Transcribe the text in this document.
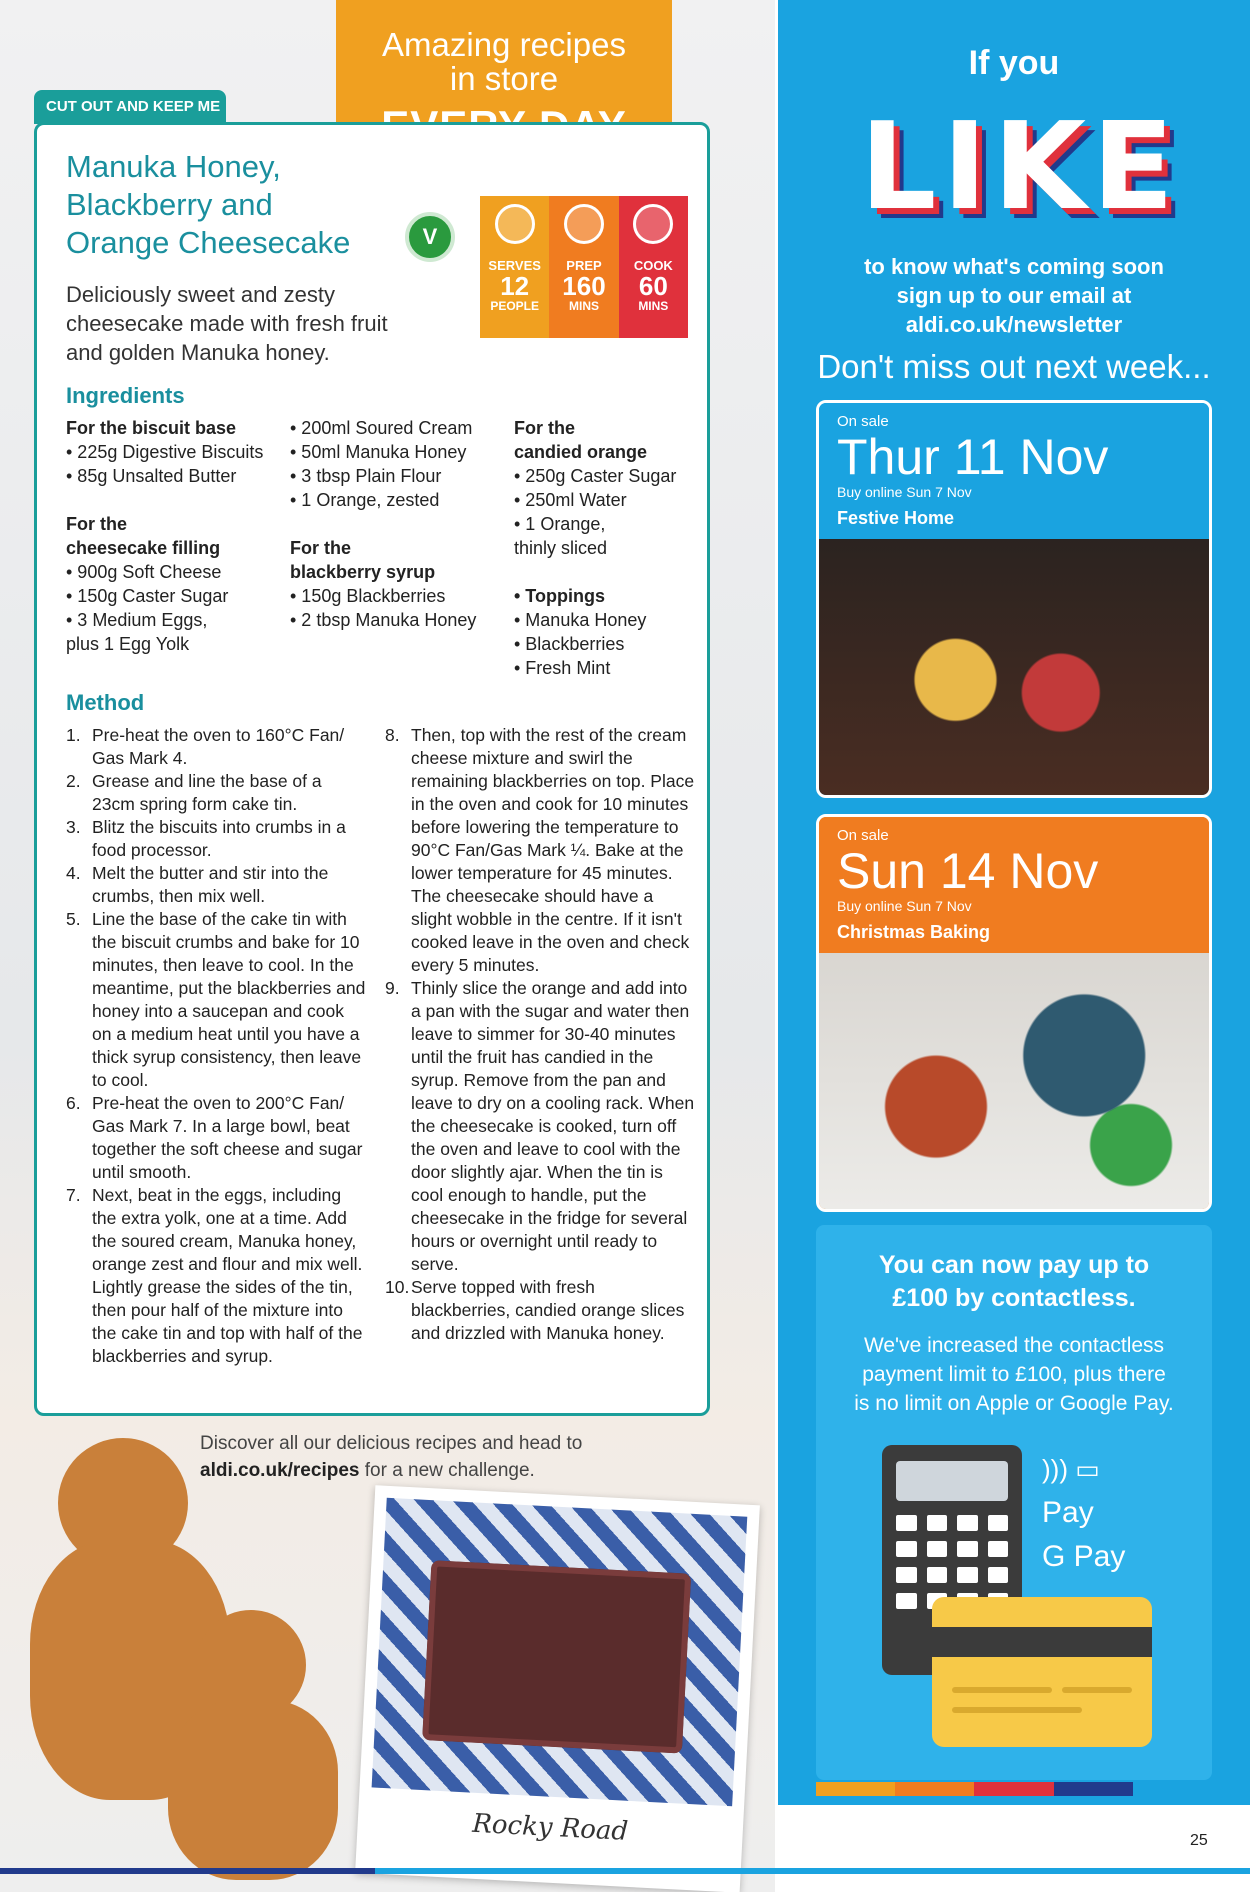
Amazing recipes
in store
CUT OUT AND KEEP ME
Manuka Honey,
Blackberry and
Orange Cheesecake	V
SERVES
12
PEOPLE
PREP
160
MINS
COOK
60
MINS
Deliciously sweet and zesty cheesecake made with fresh fruit and golden Manuka honey.
Ingredients
For the biscuit base
• 225g Digestive Biscuits
• 85g Unsalted Butter
For the
cheesecake filling
• 900g Soft Cheese
• 150g Caster Sugar
• 3 Medium Eggs,
plus 1 Egg Yolk
• 200ml Soured Cream
• 50ml Manuka Honey
• 3 tbsp Plain Flour
• 1 Orange, zested
For the
blackberry syrup
• 150g Blackberries
• 2 tbsp Manuka Honey
For the
candied orange
• 250g Caster Sugar
• 250ml Water
• 1 Orange,
thinly sliced
• Toppings
• Manuka Honey
• Blackberries
• Fresh Mint
Method
1. Pre-heat the oven to 160°C Fan/ Gas Mark 4.
2. Grease and line the base of a 23cm spring form cake tin.
3. Blitz the biscuits into crumbs in a food processor.
4. Melt the butter and stir into the crumbs, then mix well.
5. Line the base of the cake tin with the biscuit crumbs and bake for 10 minutes, then leave to cool. In the meantime, put the blackberries and honey into a saucepan and cook on a medium heat until you have a thick syrup consistency, then leave to cool.
6. Pre-heat the oven to 200°C Fan/ Gas Mark 7. In a large bowl, beat together the soft cheese and sugar until smooth.
7. Next, beat in the eggs, including the extra yolk, one at a time. Add the soured cream, Manuka honey, orange zest and flour and mix well. Lightly grease the sides of the tin, then pour half of the mixture into the cake tin and top with half of the blackberries and syrup.
8. Then, top with the rest of the cream cheese mixture and swirl the remaining blackberries on top. Place in the oven and cook for 10 minutes before lowering the temperature to 90°C Fan/Gas Mark ¼. Bake at the lower temperature for 45 minutes. The cheesecake should have a slight wobble in the centre. If it isn't cooked leave in the oven and check every 5 minutes.
9. Thinly slice the orange and add into a pan with the sugar and water then leave to simmer for 30-40 minutes until the fruit has candied in the syrup. Remove from the pan and leave to dry on a cooling rack. When the cheesecake is cooked, turn off the oven and leave to cool with the door slightly ajar. When the tin is cool enough to handle, put the cheesecake in the fridge for several hours or overnight until ready to serve.
10. Serve topped with fresh blackberries, candied orange slices and drizzled with Manuka honey.
Discover all our delicious recipes and head to
aldi.co.uk/recipes for a new challenge.
Rocky Road
If you
LIKE
to know what's coming soon
sign up to our email at
aldi.co.uk/newsletter
Don't miss out next week...
On sale
Thur 11 Nov
Buy online Sun 7 Nov
Festive Home
On sale
Sun 14 Nov
Buy online Sun 7 Nov
Christmas Baking
You can now pay up to
£100 by contactless.
We've increased the contactless
payment limit to £100, plus there
is no limit on Apple or Google Pay.
))) ▭
Pay
G Pay
25
